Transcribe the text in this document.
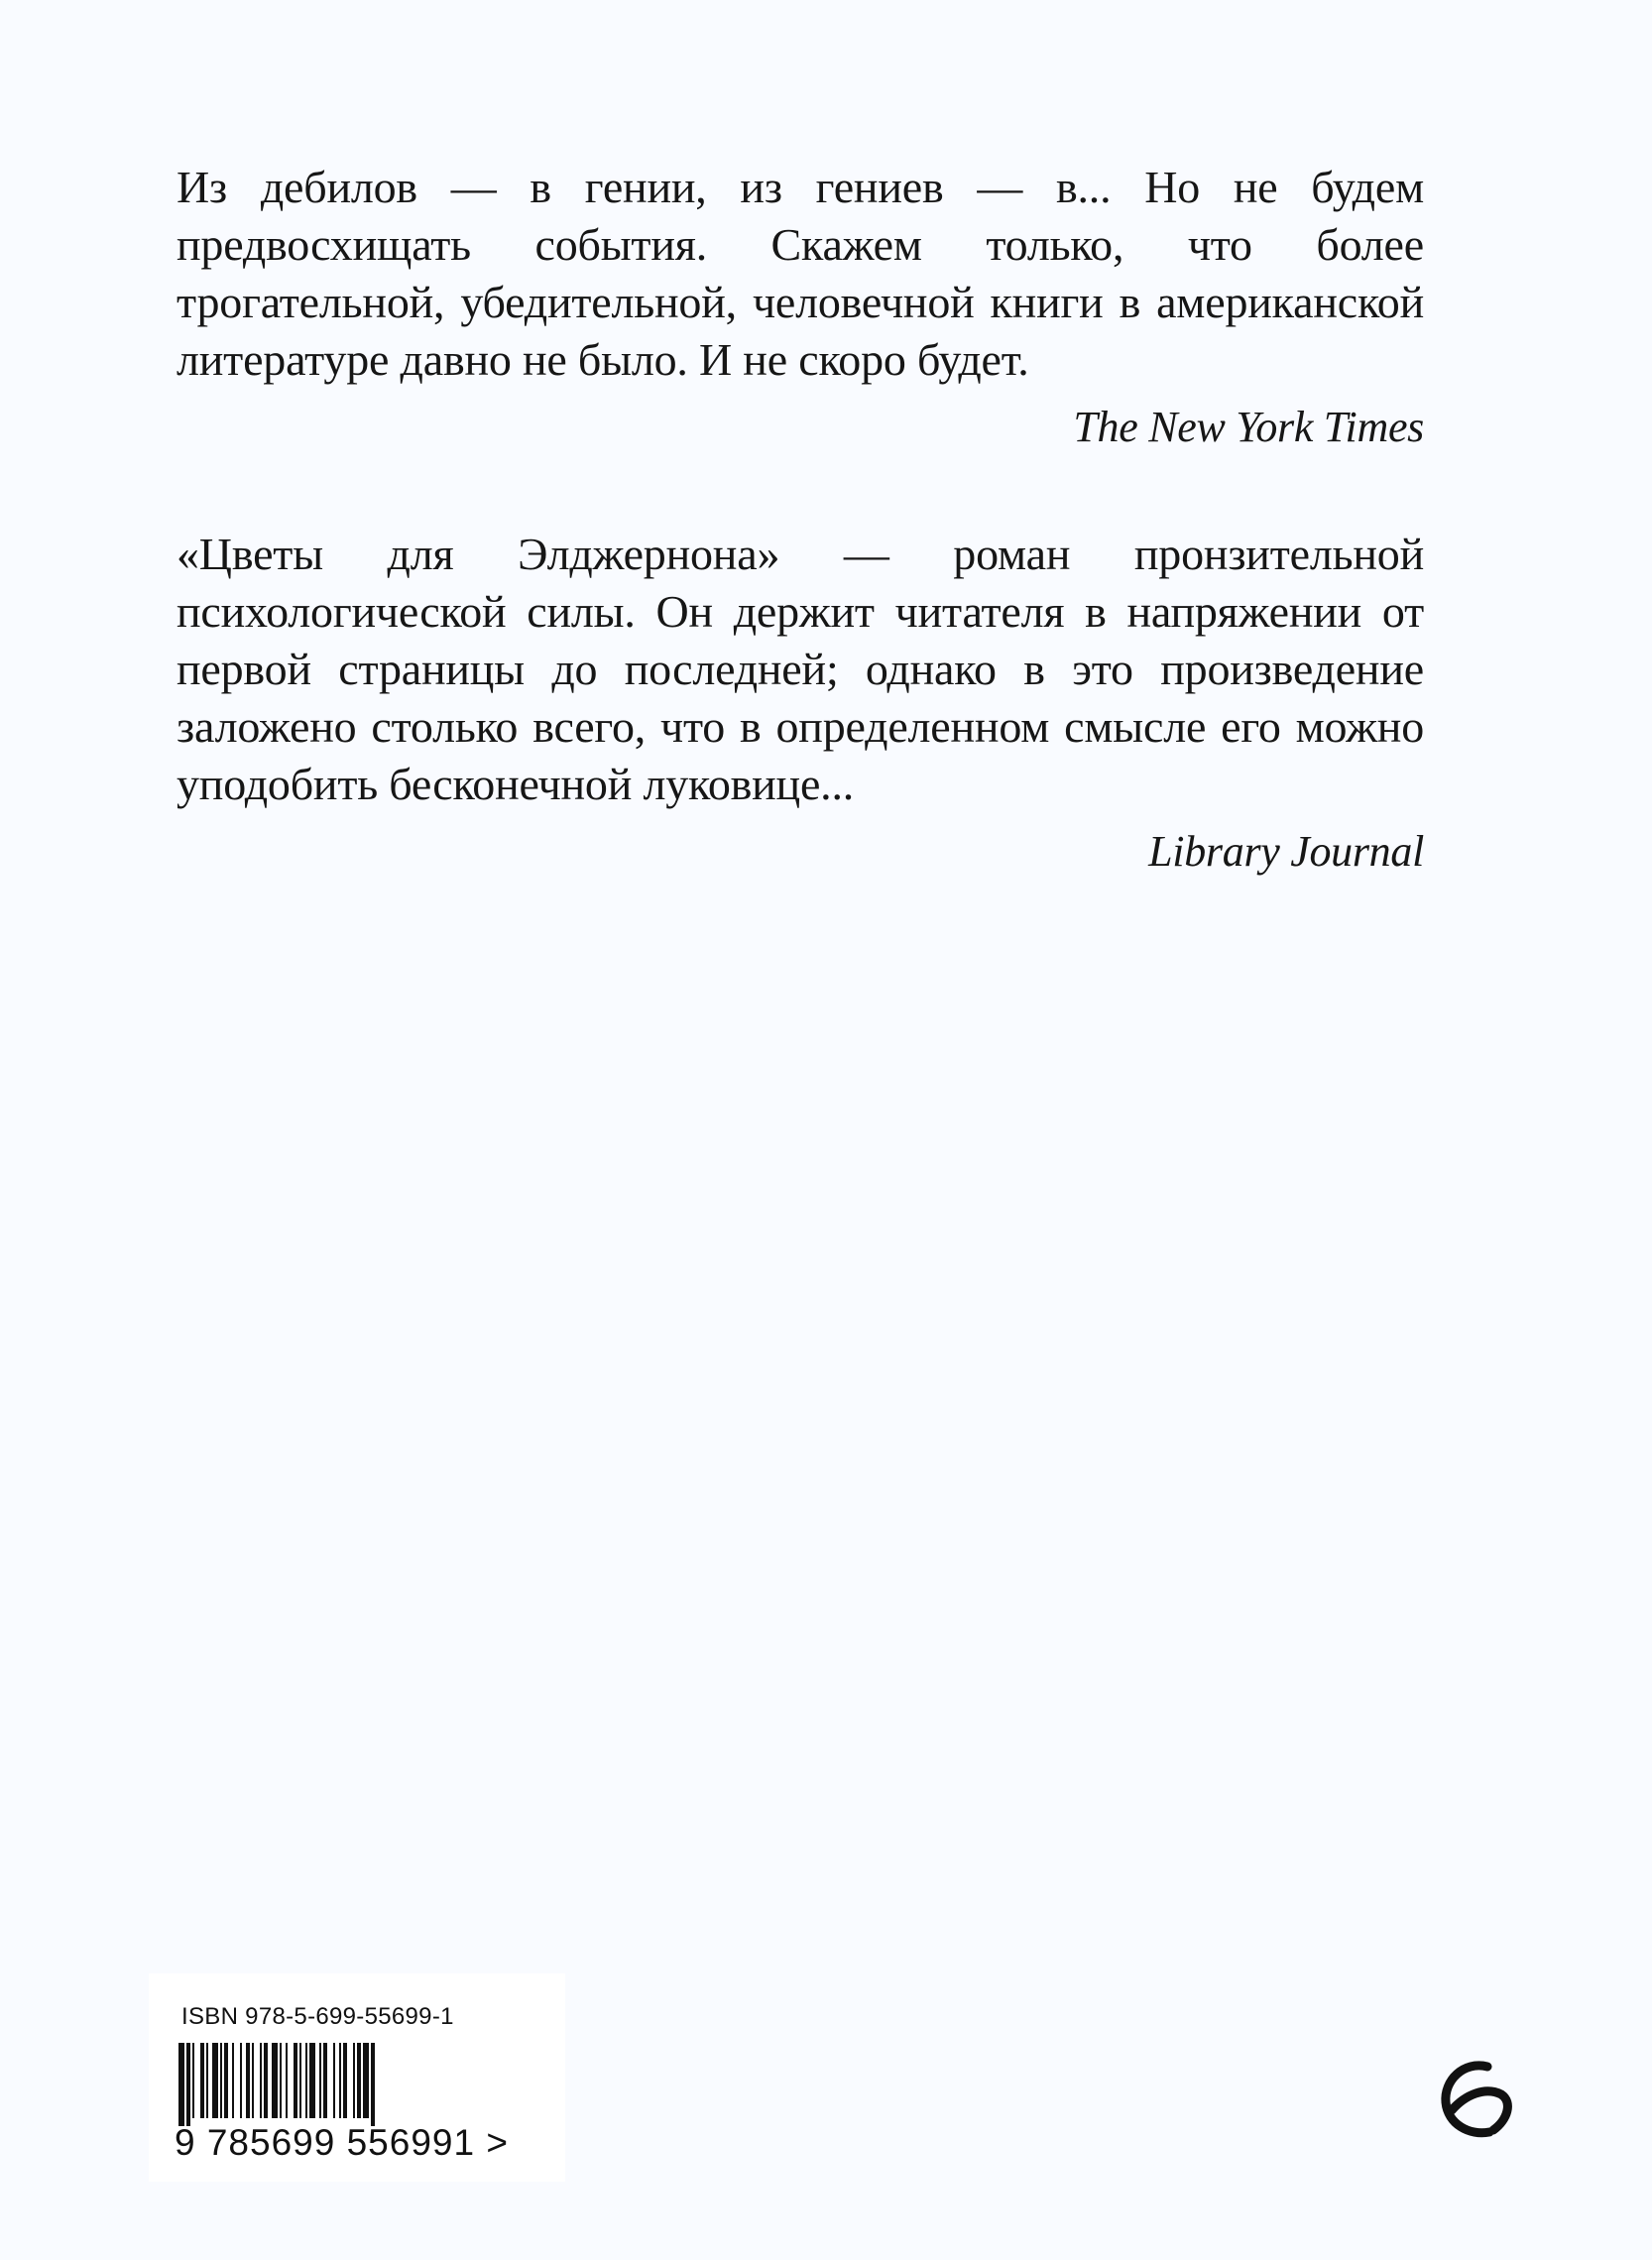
Из дебилов — в гении, из гениев — в... Но не будем предвосхищать события. Скажем только, что более трогательной, убедительной, человечной книги в американской литературе давно не было. И не скоро будет.

The New York Times

«Цветы для Элджернона» — роман пронзительной психологической силы. Он держит читателя в напряжении от первой страницы до последней; однако в это произведение заложено столько всего, что в определенном смысле его можно уподобить бесконечной луковице...

Library Journal

ISBN 978-5-699-55699-1
9 785699 556991 >
